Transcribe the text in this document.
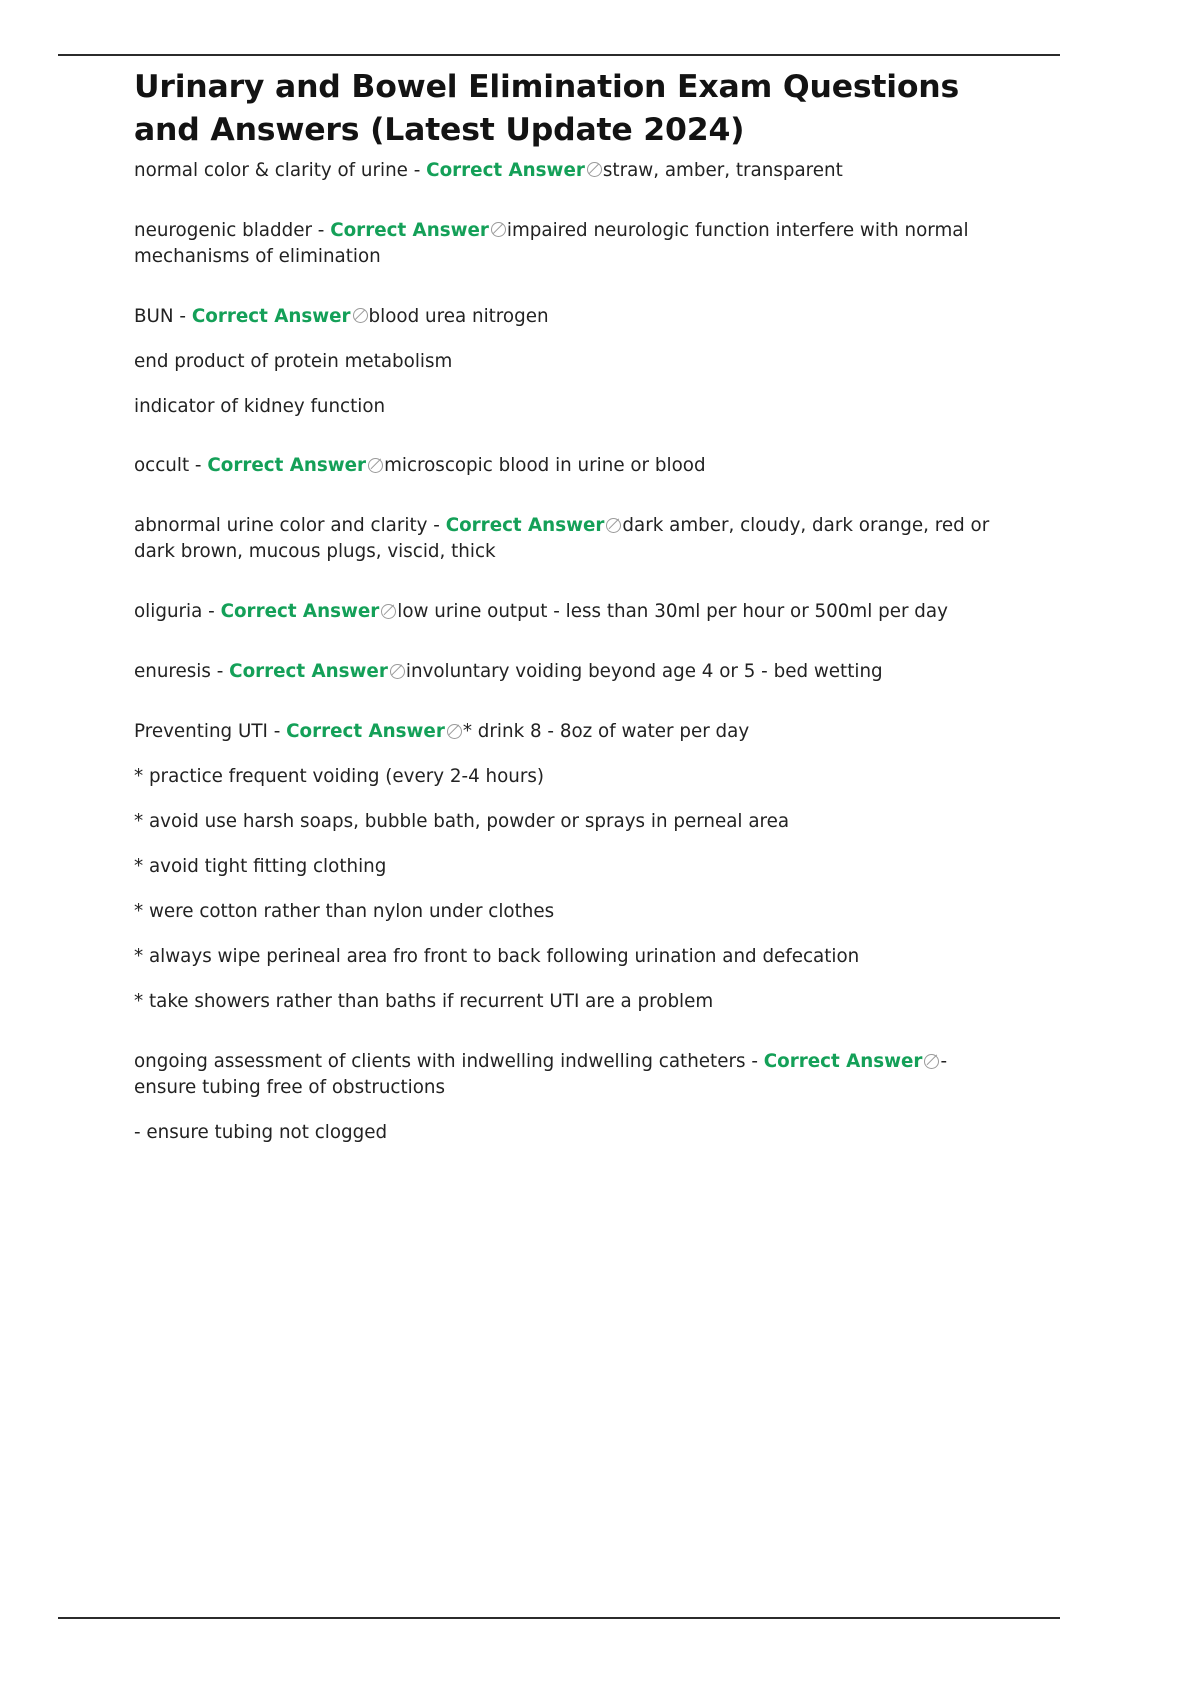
Urinary and Bowel Elimination Exam Questions and Answers (Latest Update 2024)

normal color & clarity of urine - Correct Answer straw, amber, transparent

neurogenic bladder - Correct Answer impaired neurologic function interfere with normal mechanisms of elimination

BUN - Correct Answer blood urea nitrogen

end product of protein metabolism

indicator of kidney function

occult - Correct Answer microscopic blood in urine or blood

abnormal urine color and clarity - Correct Answer dark amber, cloudy, dark orange, red or dark brown, mucous plugs, viscid, thick

oliguria - Correct Answer low urine output - less than 30ml per hour or 500ml per day

enuresis - Correct Answer involuntary voiding beyond age 4 or 5 - bed wetting

Preventing UTI - Correct Answer * drink 8 - 8oz of water per day

* practice frequent voiding (every 2-4 hours)

* avoid use harsh soaps, bubble bath, powder or sprays in perneal area

* avoid tight fitting clothing

* were cotton rather than nylon under clothes

* always wipe perineal area fro front to back following urination and defecation

* take showers rather than baths if recurrent UTI are a problem

ongoing assessment of clients with indwelling indwelling catheters - Correct Answer - ensure tubing free of obstructions

- ensure tubing not clogged
